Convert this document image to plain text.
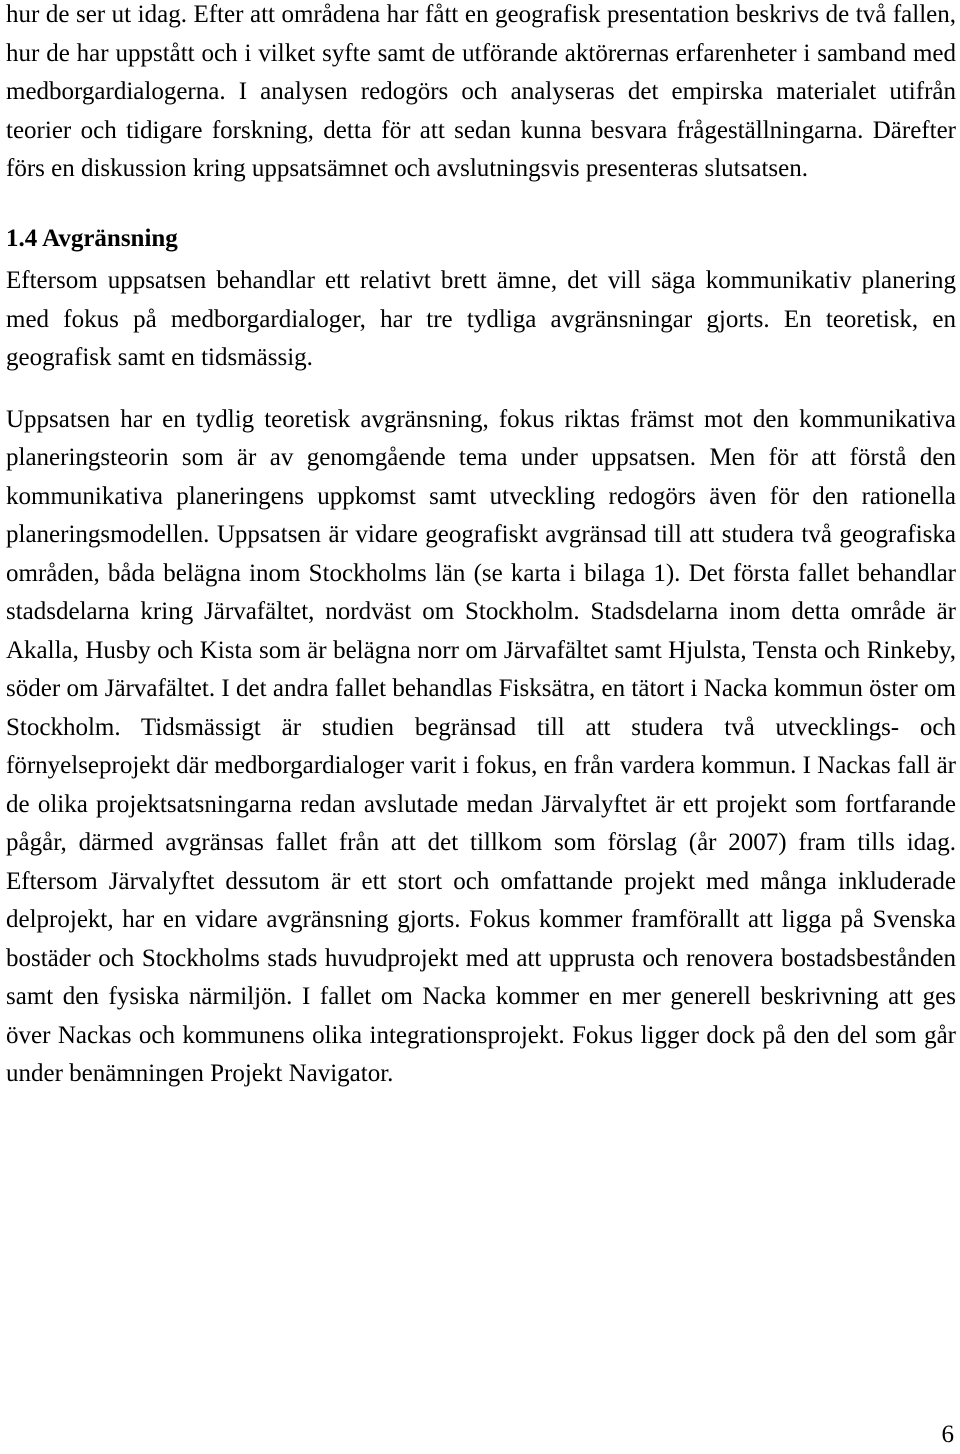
hur de ser ut idag. Efter att områdena har fått en geografisk presentation beskrivs de två fallen, hur de har uppstått och i vilket syfte samt de utförande aktörernas erfarenheter i samband med medborgardialogerna. I analysen redogörs och analyseras det empirska materialet utifrån teorier och tidigare forskning, detta för att sedan kunna besvara frågeställningarna. Därefter förs en diskussion kring uppsatsämnet och avslutningsvis presenteras slutsatsen.

1.4 Avgränsning

Eftersom uppsatsen behandlar ett relativt brett ämne, det vill säga kommunikativ planering med fokus på medborgardialoger, har tre tydliga avgränsningar gjorts. En teoretisk, en geografisk samt en tidsmässig.

Uppsatsen har en tydlig teoretisk avgränsning, fokus riktas främst mot den kommunikativa planeringsteorin som är av genomgående tema under uppsatsen. Men för att förstå den kommunikativa planeringens uppkomst samt utveckling redogörs även för den rationella planeringsmodellen. Uppsatsen är vidare geografiskt avgränsad till att studera två geografiska områden, båda belägna inom Stockholms län (se karta i bilaga 1). Det första fallet behandlar stadsdelarna kring Järvafältet, nordväst om Stockholm. Stadsdelarna inom detta område är Akalla, Husby och Kista som är belägna norr om Järvafältet samt Hjulsta, Tensta och Rinkeby, söder om Järvafältet. I det andra fallet behandlas Fisksätra, en tätort i Nacka kommun öster om Stockholm. Tidsmässigt är studien begränsad till att studera två utvecklings- och förnyelseprojekt där medborgardialoger varit i fokus, en från vardera kommun. I Nackas fall är de olika projektsatsningarna redan avslutade medan Järvalyftet är ett projekt som fortfarande pågår, därmed avgränsas fallet från att det tillkom som förslag (år 2007) fram tills idag. Eftersom Järvalyftet dessutom är ett stort och omfattande projekt med många inkluderade delprojekt, har en vidare avgränsning gjorts. Fokus kommer framförallt att ligga på Svenska bostäder och Stockholms stads huvudprojekt med att upprusta och renovera bostadsbestånden samt den fysiska närmiljön. I fallet om Nacka kommer en mer generell beskrivning att ges över Nackas och kommunens olika integrationsprojekt. Fokus ligger dock på den del som går under benämningen Projekt Navigator.

6
